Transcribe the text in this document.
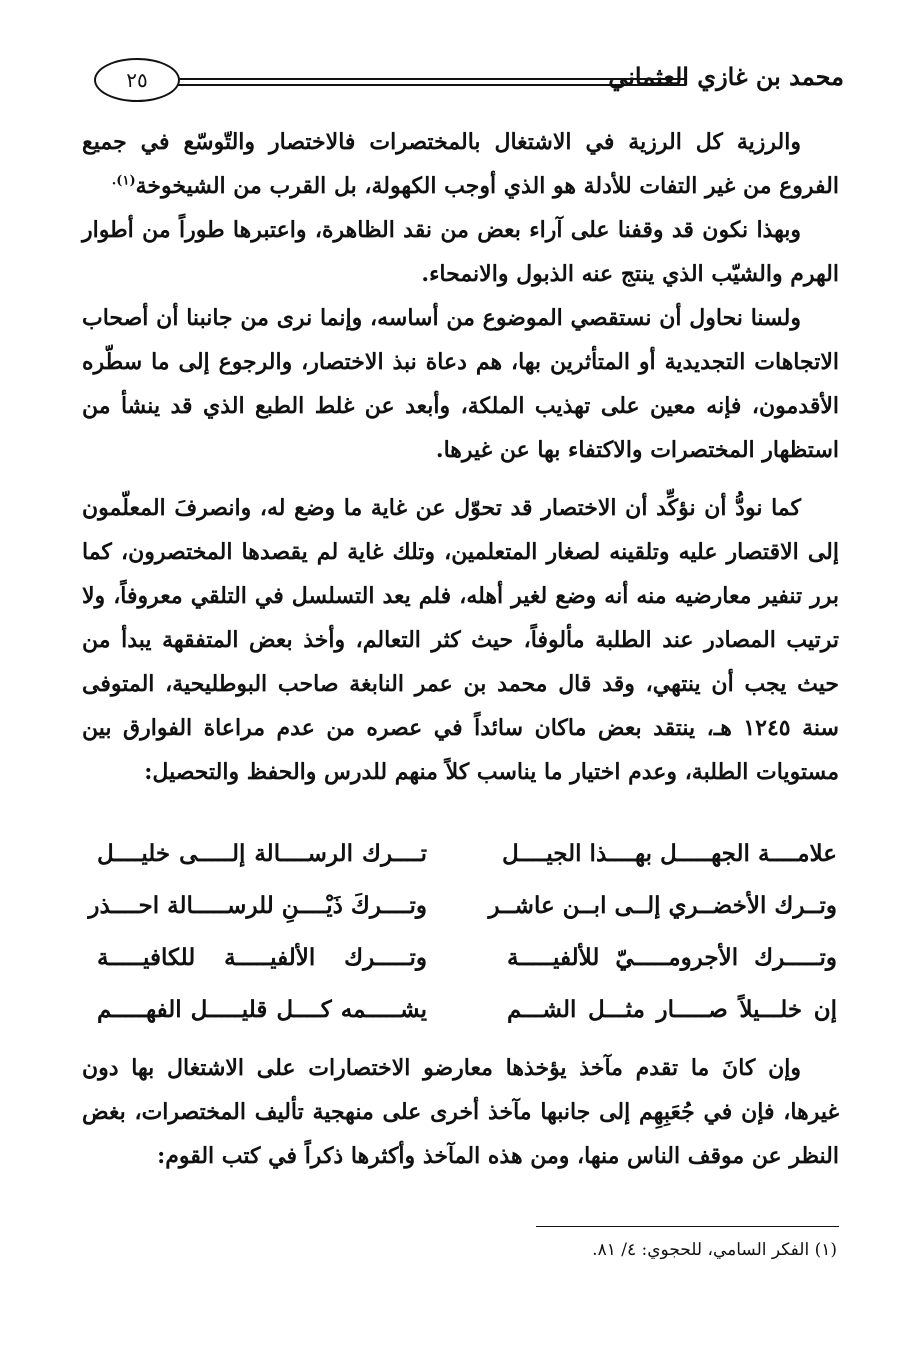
٢٥	محمد بن غازي العثماني

والرزية كل الرزية في الاشتغال بالمختصرات فالاختصار والتّوسّع في جميع الفروع من غير التفات للأدلة هو الذي أوجب الكهولة، بل القرب من الشيخوخة$^{(١).}$

وبهذا نكون قد وقفنا على آراء بعض من نقد الظاهرة، واعتبرها طوراً من أطوار الهرم والشيّب الذي ينتج عنه الذبول والانمحاء.

ولسنا نحاول أن نستقصي الموضوع من أساسه، وإنما نرى من جانبنا أن أصحاب الاتجاهات التجديدية أو المتأثرين بها، هم دعاة نبذ الاختصار، والرجوع إلى ما سطّره الأقدمون، فإنه معين على تهذيب الملكة، وأبعد عن غلط الطبع الذي قد ينشأ من استظهار المختصرات والاكتفاء بها عن غيرها.

كما نودُّ أن نؤكِّد أن الاختصار قد تحوّل عن غاية ما وضع له، وانصرفَ المعلّمون إلى الاقتصار عليه وتلقينه لصغار المتعلمين، وتلك غاية لم يقصدها المختصرون، كما برر تنفير معارضيه منه أنه وضع لغير أهله، فلم يعد التسلسل في التلقي معروفاً، ولا ترتيب المصادر عند الطلبة مألوفاً، حيث كثر التعالم، وأخذ بعض المتفقهة يبدأ من حيث يجب أن ينتهي، وقد قال محمد بن عمر النابغة صاحب البوطليحية، المتوفى سنة ١٢٤٥ هـ، ينتقد بعض ماكان سائداً في عصره من عدم مراعاة الفوارق بين مستويات الطلبة، وعدم اختيار ما يناسب كلاً منهم للدرس والحفظ والتحصيل:

علامــــة الجهـــــل بهــــذا الجيــــل
تــــرك الرســــالة إلـــــى خليــــل
وتــرك الأخضــري إلــى ابــن عاشــر
وتــــركَ ذَيْــــنِ للرســـــالة احــــذر
وتـــــرك الأجرومـــــيّ للألفيـــــة
وتـــــرك الألفيـــــة للكافيـــــة
إن خلـــيلاً صـــــار مثـــل الشـــم
يشـــــمه كــــل قليـــــل الفهـــــم

وإن كانَ ما تقدم مآخذ يؤخذها معارضو الاختصارات على الاشتغال بها دون غيرها، فإن في جُعَبِهِم إلى جانبها مآخذ أخرى على منهجية تأليف المختصرات، بغض النظر عن موقف الناس منها، ومن هذه المآخذ وأكثرها ذكراً في كتب القوم:

(١) الفكر السامي، للحجوي: ٤/ ٨١.
